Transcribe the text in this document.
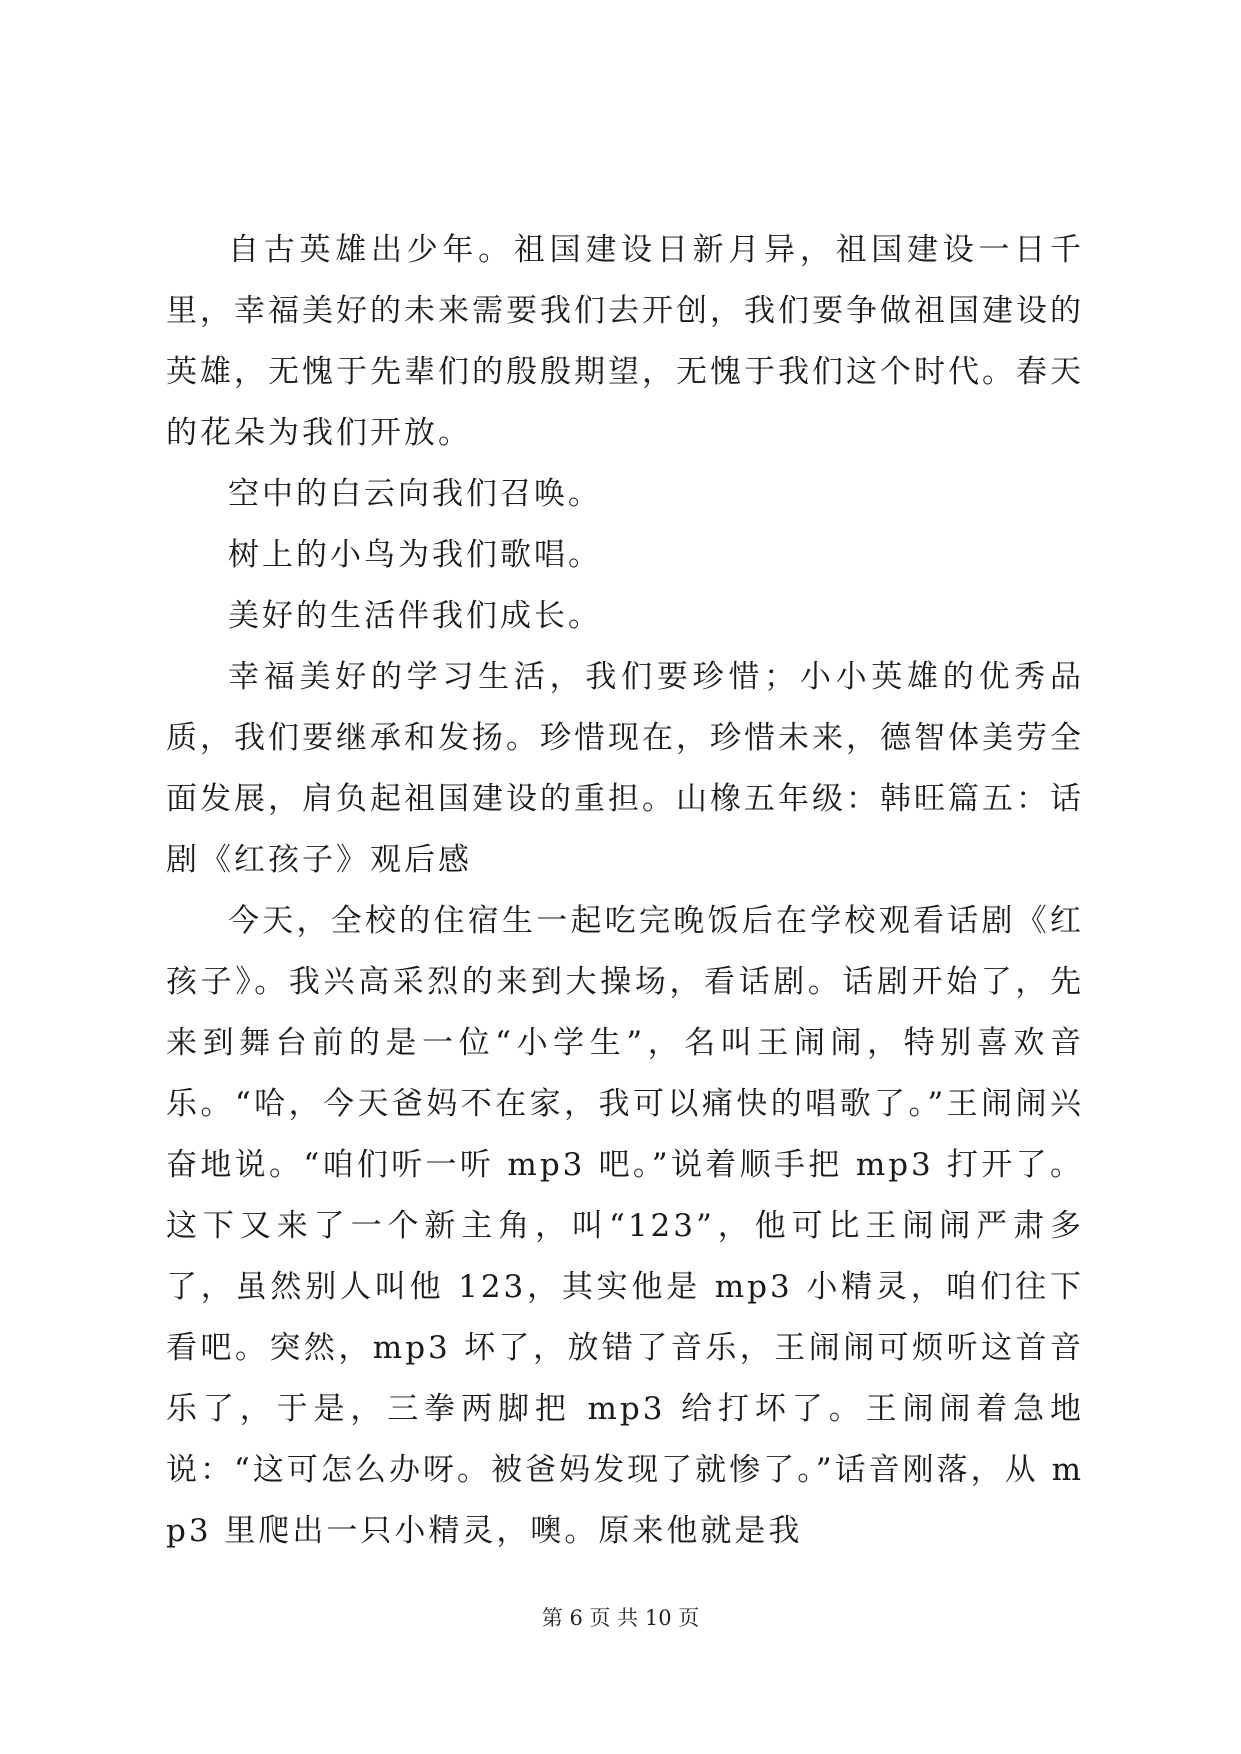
自古英雄出少年。祖国建设日新月异，祖国建设一日千里，幸福美好的未来需要我们去开创，我们要争做祖国建设的英雄，无愧于先辈们的殷殷期望，无愧于我们这个时代。春天的花朵为我们开放。

空中的白云向我们召唤。

树上的小鸟为我们歌唱。

美好的生活伴我们成长。

幸福美好的学习生活，我们要珍惜；小小英雄的优秀品质，我们要继承和发扬。珍惜现在，珍惜未来，德智体美劳全面发展，肩负起祖国建设的重担。山橡五年级：韩旺篇五：话剧《红孩子》观后感

今天，全校的住宿生一起吃完晚饭后在学校观看话剧《红孩子》。我兴高采烈的来到大操场，看话剧。话剧开始了，先来到舞台前的是一位“小学生”，名叫王闹闹，特别喜欢音乐。“哈，今天爸妈不在家，我可以痛快的唱歌了。”王闹闹兴奋地说。“咱们听一听 mp3 吧。”说着顺手把 mp3 打开了。这下又来了一个新主角，叫“123”，他可比王闹闹严肃多了，虽然别人叫他 123，其实他是 mp3 小精灵，咱们往下看吧。突然，mp3 坏了，放错了音乐，王闹闹可烦听这首音乐了，于是，三拳两脚把 mp3 给打坏了。王闹闹着急地说：“这可怎么办呀。被爸妈发现了就惨了。”话音刚落，从 mp3 里爬出一只小精灵，噢。原来他就是我

第 6 页 共 10 页
